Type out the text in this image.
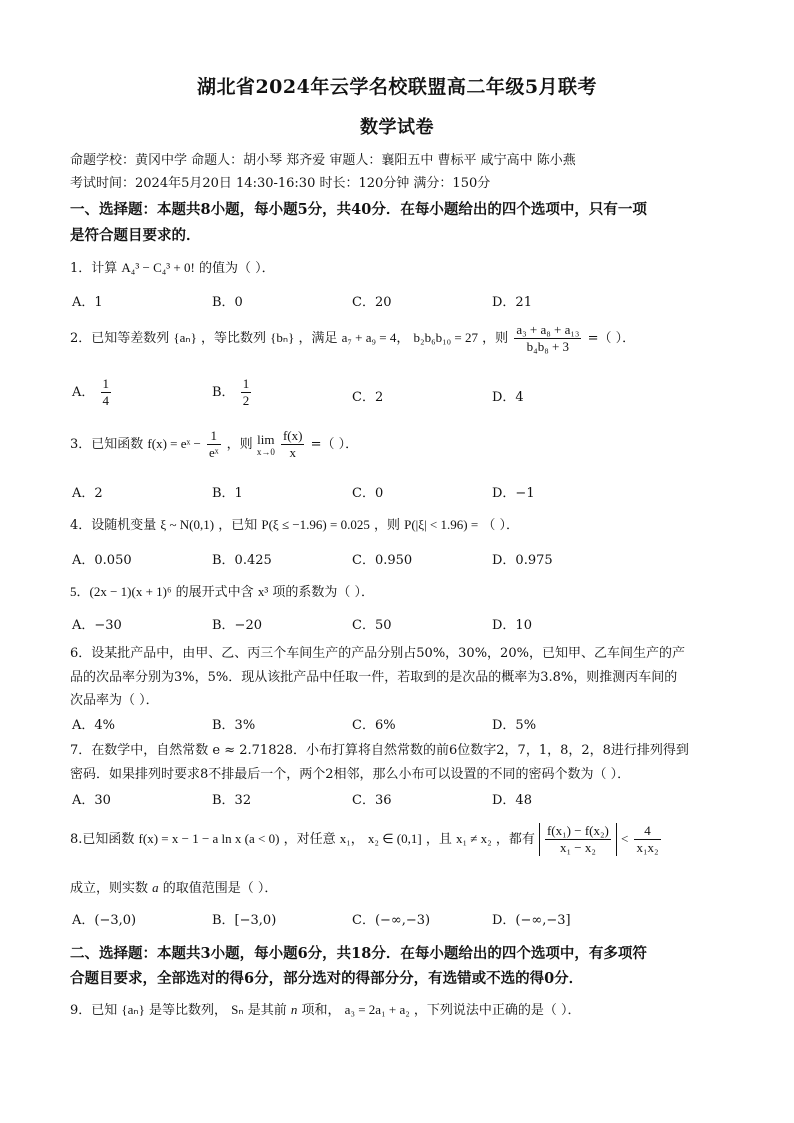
湖北省2024年云学名校联盟高二年级5月联考
数学试卷
命题学校：黄冈中学 命题人：胡小琴 郑齐爱 审题人：襄阳五中 曹标平 咸宁高中 陈小燕
考试时间：2024年5月20日 14:30-16:30 时长：120分钟 满分：150分
一、选择题：本题共8小题，每小题5分，共40分．在每小题给出的四个选项中，只有一项
是符合题目要求的．
1．计算 A₄³ − C₄³ + 0! 的值为（ ）．
A．1	B．0	C．20	D．21
2．已知等差数列 {aₙ} ，等比数列 {bₙ} ，满足 a₇ + a₉ = 4， b₂b₆b₁₀ = 27 ，则 $\frac{\text{a₃ + a₈ + a₁₃}}{\text{b₄b₈ + 3}}$ =（ ）．
A． $\frac{1}{4}$	B． $\frac{1}{2}$	C．2	D．4
3．已知函数 f(x) = eˣ − $\frac{1}{\text{eˣ}}$ ，则 lim
x→0
$\frac{f(x)}{x}$ =（ ）．
A．2	B．1	C．0	D．−1
4．设随机变量 ξ ~ N(0,1) ，已知 P(ξ ≤ −1.96) = 0.025 ，则 P(|ξ| < 1.96) = （ ）．
A．0.050	B．0.425	C．0.950	D．0.975
5．(2x − 1)(x + 1)⁶ 的展开式中含 x³ 项的系数为（ ）．
A．−30	B．−20	C．50	D．10
6．设某批产品中，由甲、乙、丙三个车间生产的产品分别占50%，30%，20%，已知甲、乙车间生产的产
品的次品率分别为3%，5%．现从该批产品中任取一件，若取到的是次品的概率为3.8%，则推测丙车间的
次品率为（ ）．
A．4%	B．3%	C．6%	D．5%
7．在数学中，自然常数 e ≈ 2.71828．小布打算将自然常数的前6位数字2，7，1，8，2，8进行排列得到
密码．如果排列时要求8不排最后一个，两个2相邻，那么小布可以设置的不同的密码个数为（ ）．
A．30	B．32	C．36	D．48
8.已知函数 f(x) = x − 1 − a ln x (a < 0) ，对任意 x₁， x₂ ∈ (0,1] ，且 x₁ ≠ x₂ ，都有 $\frac{\text{f(x₁) − f(x₂)}}{\text{x₁ − x₂}} < \frac{4}{\text{x₁x₂}}$
成立，则实数 a 的取值范围是（ ）．
A．(−3,0)	B．[−3,0)	C．(−∞,−3)	D．(−∞,−3]
二、选择题：本题共3小题，每小题6分，共18分．在每小题给出的四个选项中，有多项符
合题目要求，全部选对的得6分，部分选对的得部分分，有选错或不选的得0分．
9．已知 {aₙ} 是等比数列， Sₙ 是其前 n 项和， a₃ = 2a₁ + a₂ ，下列说法中正确的是（ ）．
